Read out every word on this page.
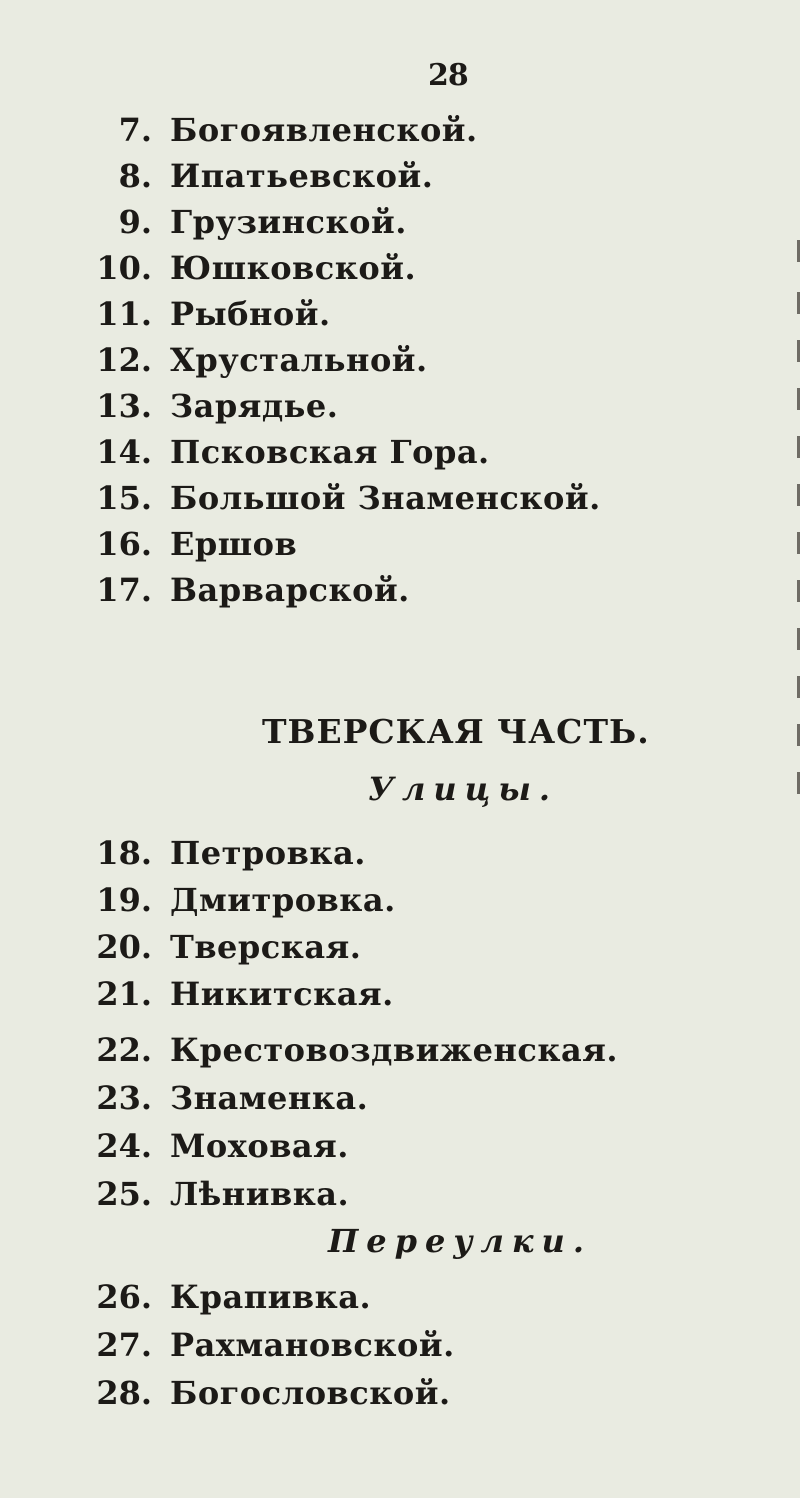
28
7. Богоявленской.
8. Ипатьевской.
9. Грузинской.
10. Юшковской.
11. Рыбной.
12. Хрустальной.
13. Зарядье.
14. Псковская Гора.
15. Большой Знаменской.
16. Ершов
17. Варварской.
ТВЕРСКАЯ ЧАСТЬ.
Улицы.
18. Петровка.
19. Дмитровка.
20. Тверская.
21. Никитская.
22. Крестовоздвиженская.
23. Знаменка.
24. Моховая.
25. Лѣнивка.
Переулки.
26. Крапивка.
27. Рахмановской.
28. Богословской.
